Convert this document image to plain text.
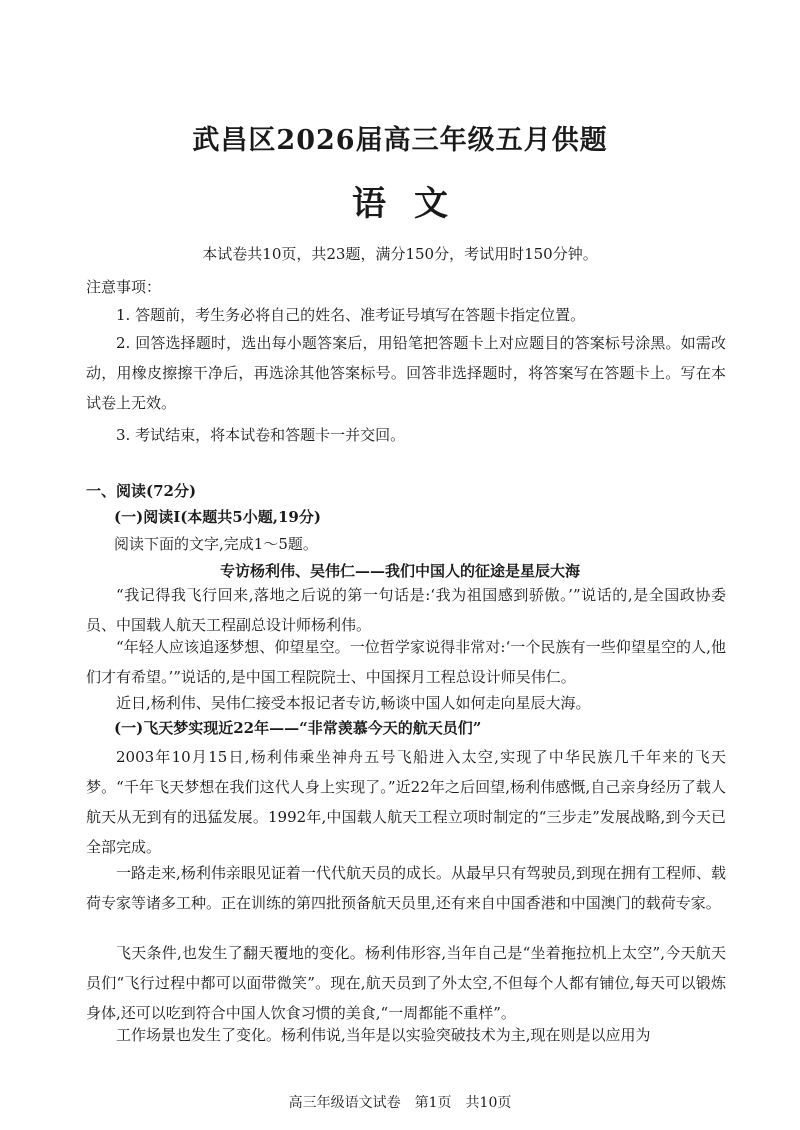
武昌区2026届高三年级五月供题
语文
本试卷共10页，共23题，满分150分，考试用时150分钟。
注意事项：
1. 答题前，考生务必将自己的姓名、准考证号填写在答题卡指定位置。
2. 回答选择题时，选出每小题答案后，用铅笔把答题卡上对应题目的答案标号涂黑。如需改动，用橡皮擦擦干净后，再选涂其他答案标号。回答非选择题时，将答案写在答题卡上。写在本试卷上无效。
3. 考试结束，将本试卷和答题卡一并交回。
一、阅读(72分)
(一)阅读Ⅰ(本题共5小题,19分)
阅读下面的文字,完成1～5题。
专访杨利伟、吴伟仁——我们中国人的征途是星辰大海
“我记得我飞行回来,落地之后说的第一句话是:‘我为祖国感到骄傲。’”说话的,是全国政协委员、中国载人航天工程副总设计师杨利伟。
“年轻人应该追逐梦想、仰望星空。一位哲学家说得非常对:‘一个民族有一些仰望星空的人,他们才有希望。’”说话的,是中国工程院院士、中国探月工程总设计师吴伟仁。
近日,杨利伟、吴伟仁接受本报记者专访,畅谈中国人如何走向星辰大海。
(一)飞天梦实现近22年——“非常羡慕今天的航天员们”
2003年10月15日,杨利伟乘坐神舟五号飞船进入太空,实现了中华民族几千年来的飞天梦。“千年飞天梦想在我们这代人身上实现了。”近22年之后回望,杨利伟感慨,自己亲身经历了载人航天从无到有的迅猛发展。1992年,中国载人航天工程立项时制定的“三步走”发展战略,到今天已全部完成。
一路走来,杨利伟亲眼见证着一代代航天员的成长。从最早只有驾驶员,到现在拥有工程师、载荷专家等诸多工种。正在训练的第四批预备航天员里,还有来自中国香港和中国澳门的载荷专家。
飞天条件,也发生了翻天覆地的变化。杨利伟形容,当年自己是“坐着拖拉机上太空”,今天航天员们“飞行过程中都可以面带微笑”。现在,航天员到了外太空,不但每个人都有铺位,每天可以锻炼身体,还可以吃到符合中国人饮食习惯的美食,“一周都能不重样”。
工作场景也发生了变化。杨利伟说,当年是以实验突破技术为主,现在则是以应用为
高三年级语文试卷　第1页　共10页
